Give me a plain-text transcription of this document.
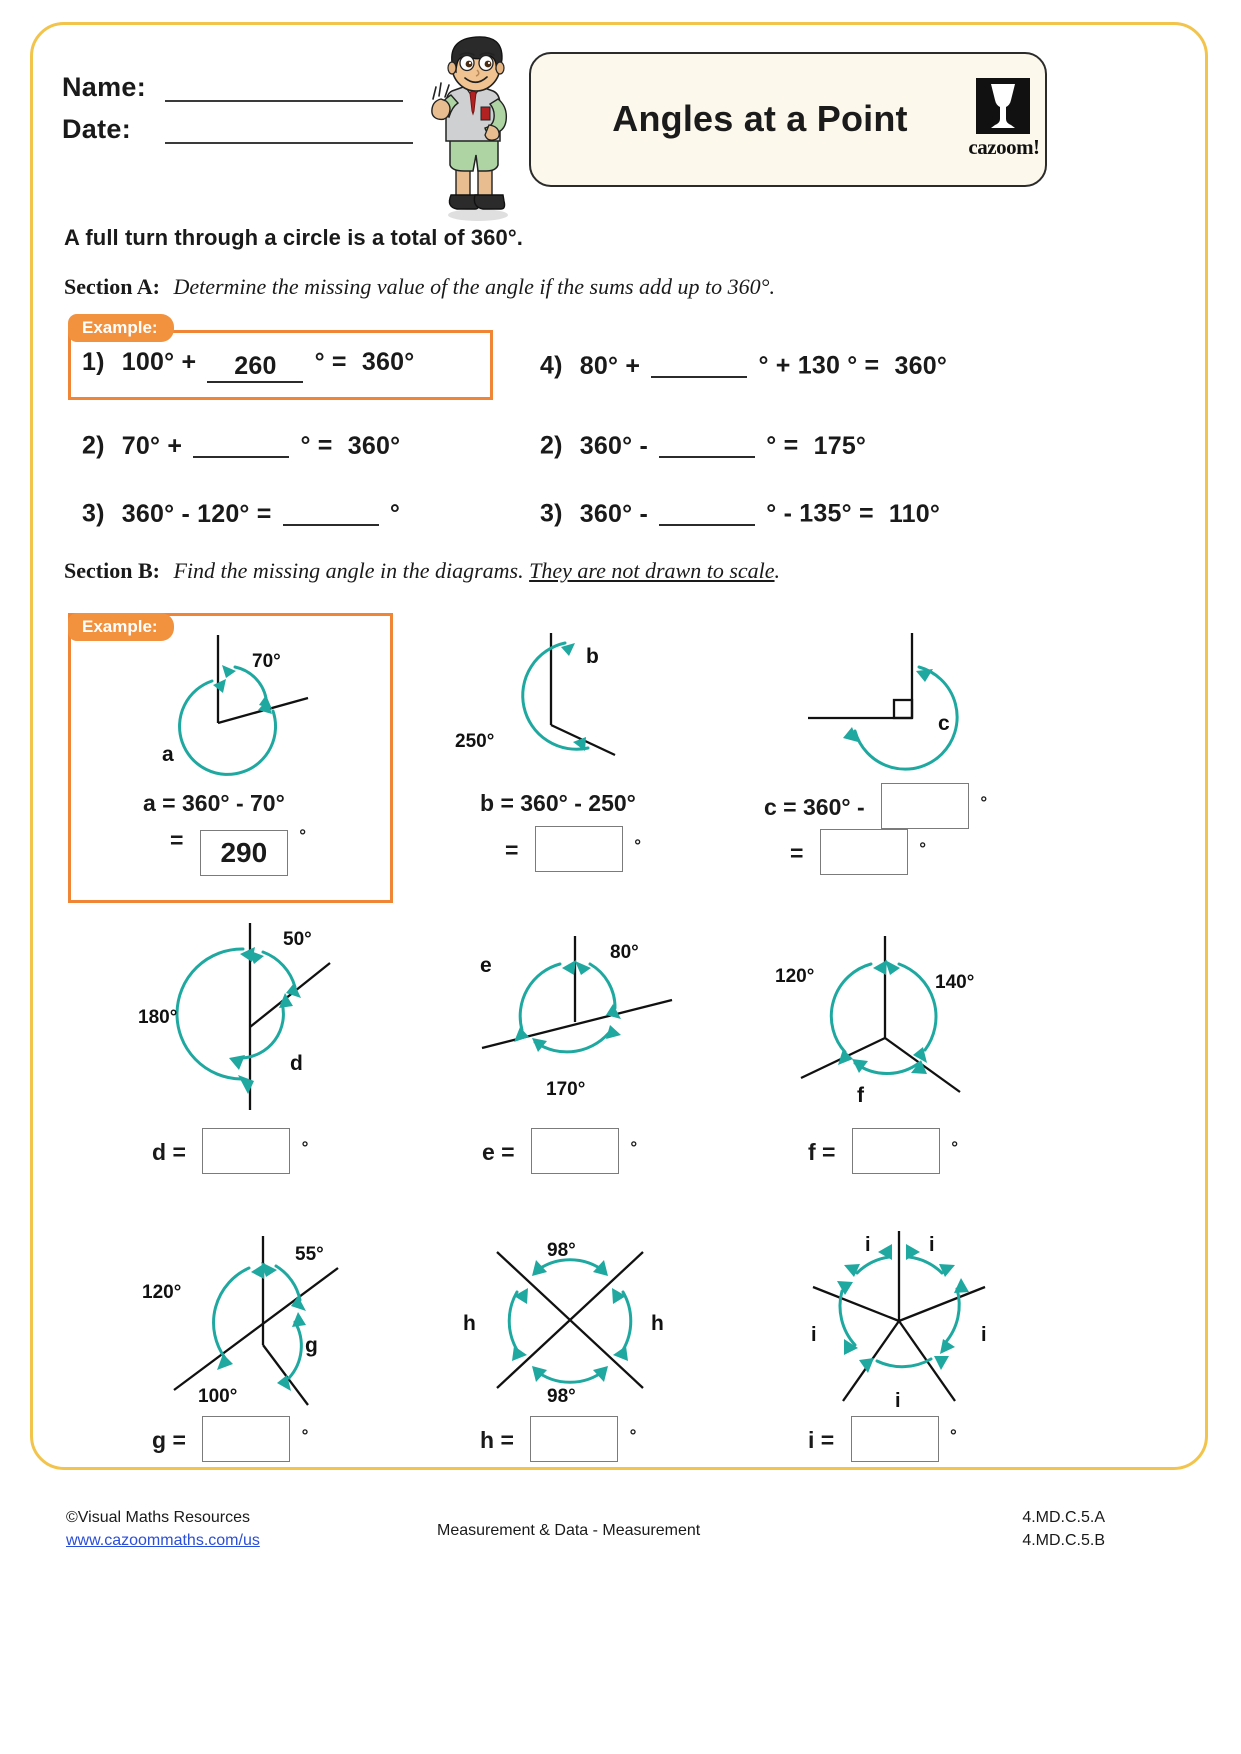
Name:
Date:	Angles at a Point
cazoom!
A full turn through a circle is a total of 360°.
Section A: Determine the missing value of the angle if the sums add up to 360°.
Example:
1) 100° + 260 ° = 360°
2) 70° +	° = 360°
3) 360° - 120° =	°
4) 80° +	° + 130 ° = 360°
2) 360° -	° = 175°
3) 360° -	° - 135° = 110°
Section B: Find the missing angle in the diagrams. They are not drawn to scale.
Example:
70°
a
a = 360° - 70°
= 290 °
b
250°
b = 360° - 250°
=	°
c
c = 360° -	°
=	°
50°
180°
d
d =	°
80°
e
170°
e =	°
120°	140°
f
f =	°
55°
120°
100°
g
g =	°
98°
98°
h	h
h =	°
i	i
i	i
i
i =	°
©Visual Maths Resources
www.cazoommaths.com/us
Measurement & Data - Measurement
4.MD.C.5.A
4.MD.C.5.B
